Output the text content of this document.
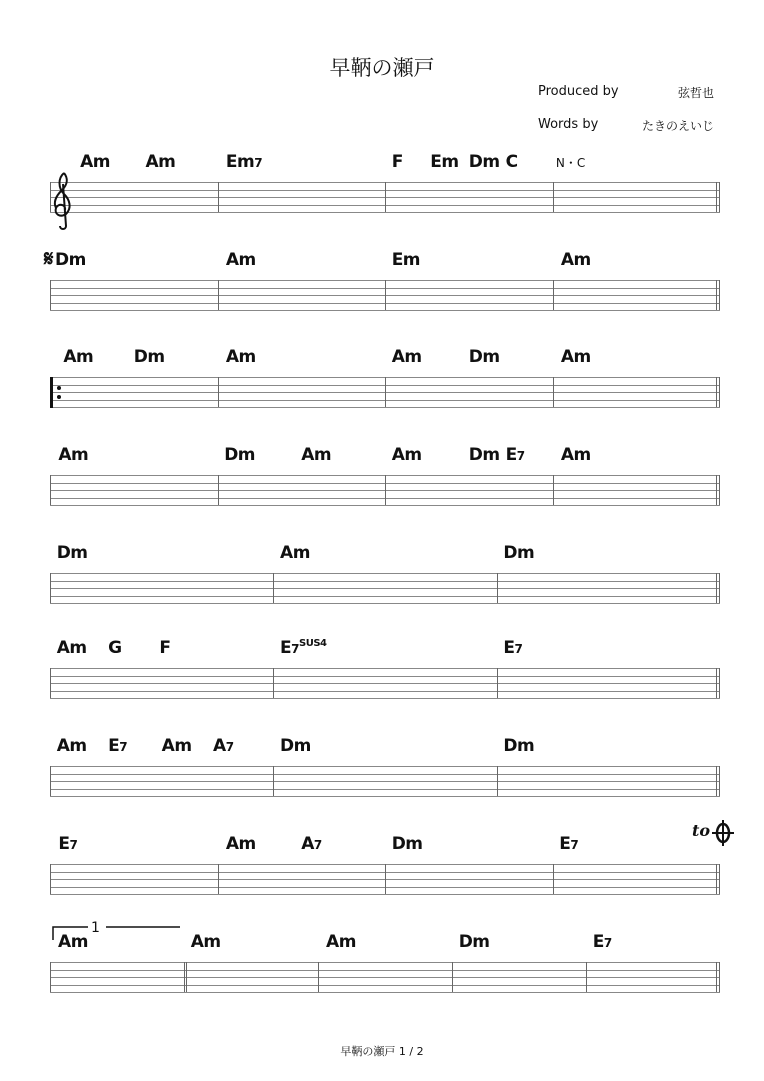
早鞆の瀬戸
Produced by	弦哲也
Words by	たきのえいじ
Am Am	Em7	F Em Dm C	N・C
Dm	Am	Em	Am
Am Dm	Am	Am	Dm	Am
Am	Dm	Am	Am	Dm E7 Am
Dm	Am	Dm
Am G F	$E7^{SUS4}$	E7
Am E7 Am A7	Dm	Dm
E7	Am	A7	Dm	E7
Am	Am	Am	Dm	E7
早鞆の瀬戸 1 / 2
𝄋
to
1
